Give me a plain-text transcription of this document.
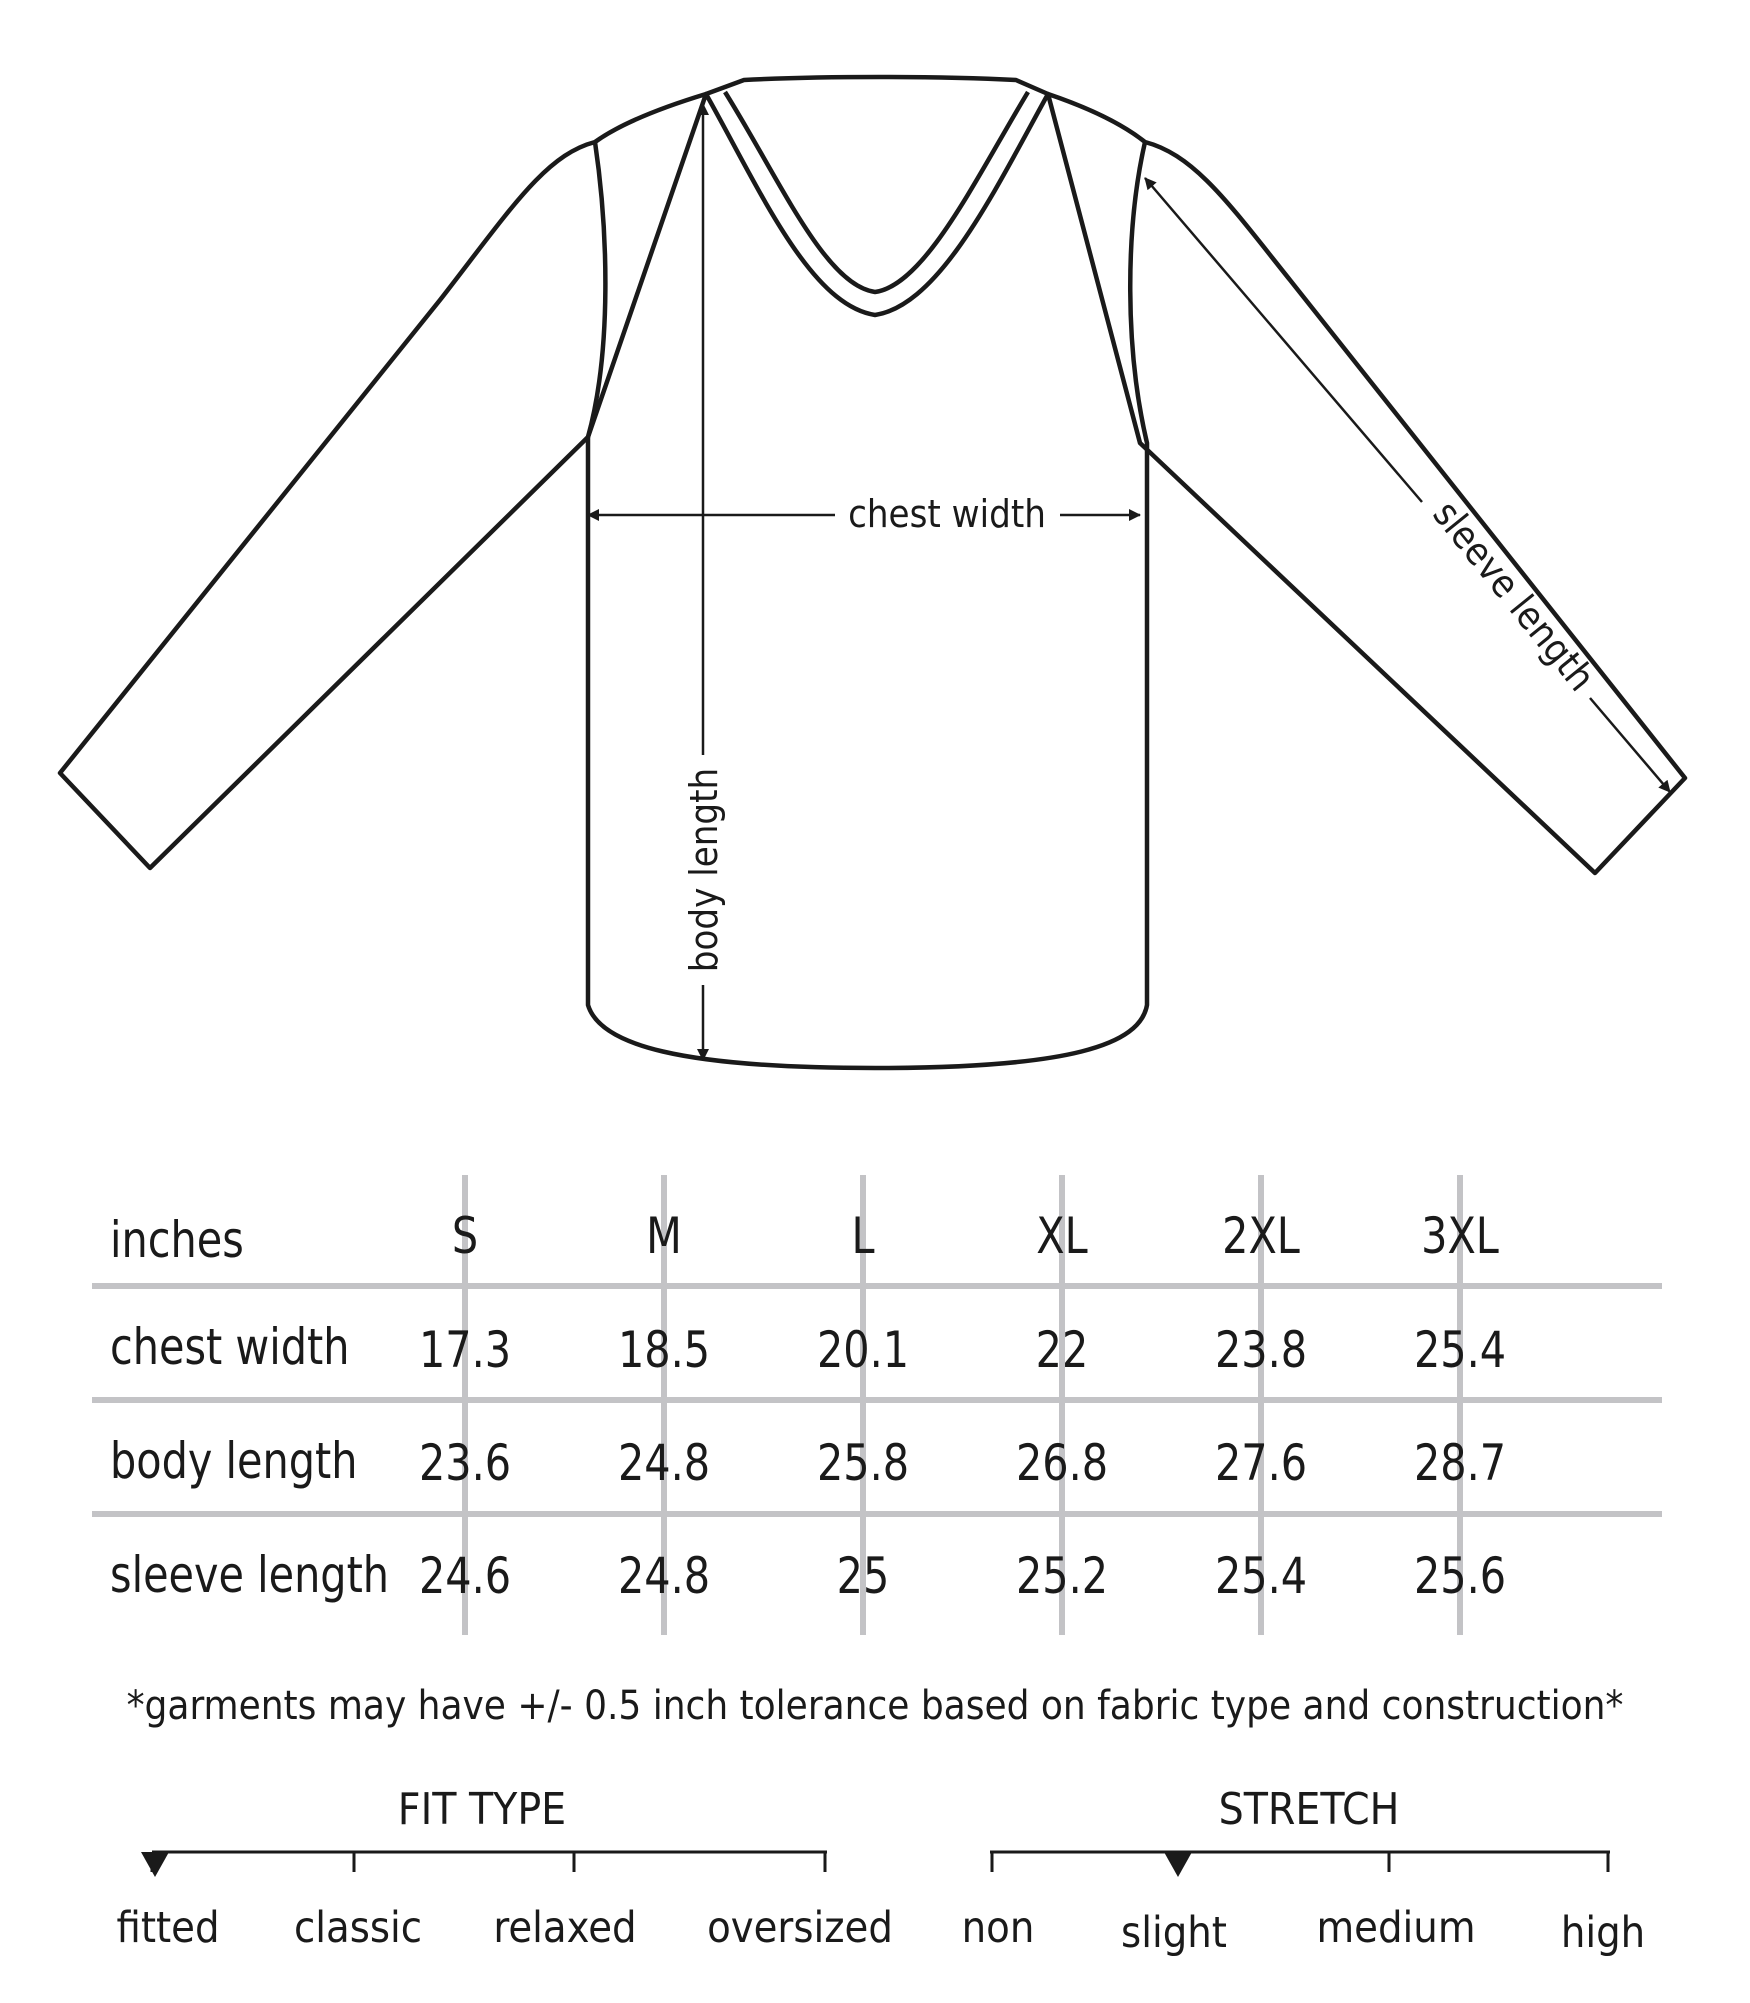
body length
chest width	sleeve length
inches	S	M	L	XL	2XL	3XL
chest width	17.3	18.5	20.1	22	23.8	25.4
body length	23.6	24.8	25.8	26.8	27.6	28.7
sleeve length 24.6	24.8	25	25.2	25.4	25.6
*garments may have +/- 0.5 inch tolerance based on fabric type and construction*
FIT TYPE	STRETCH
fitted	classic	relaxed	oversized	non	slight	medium	high
